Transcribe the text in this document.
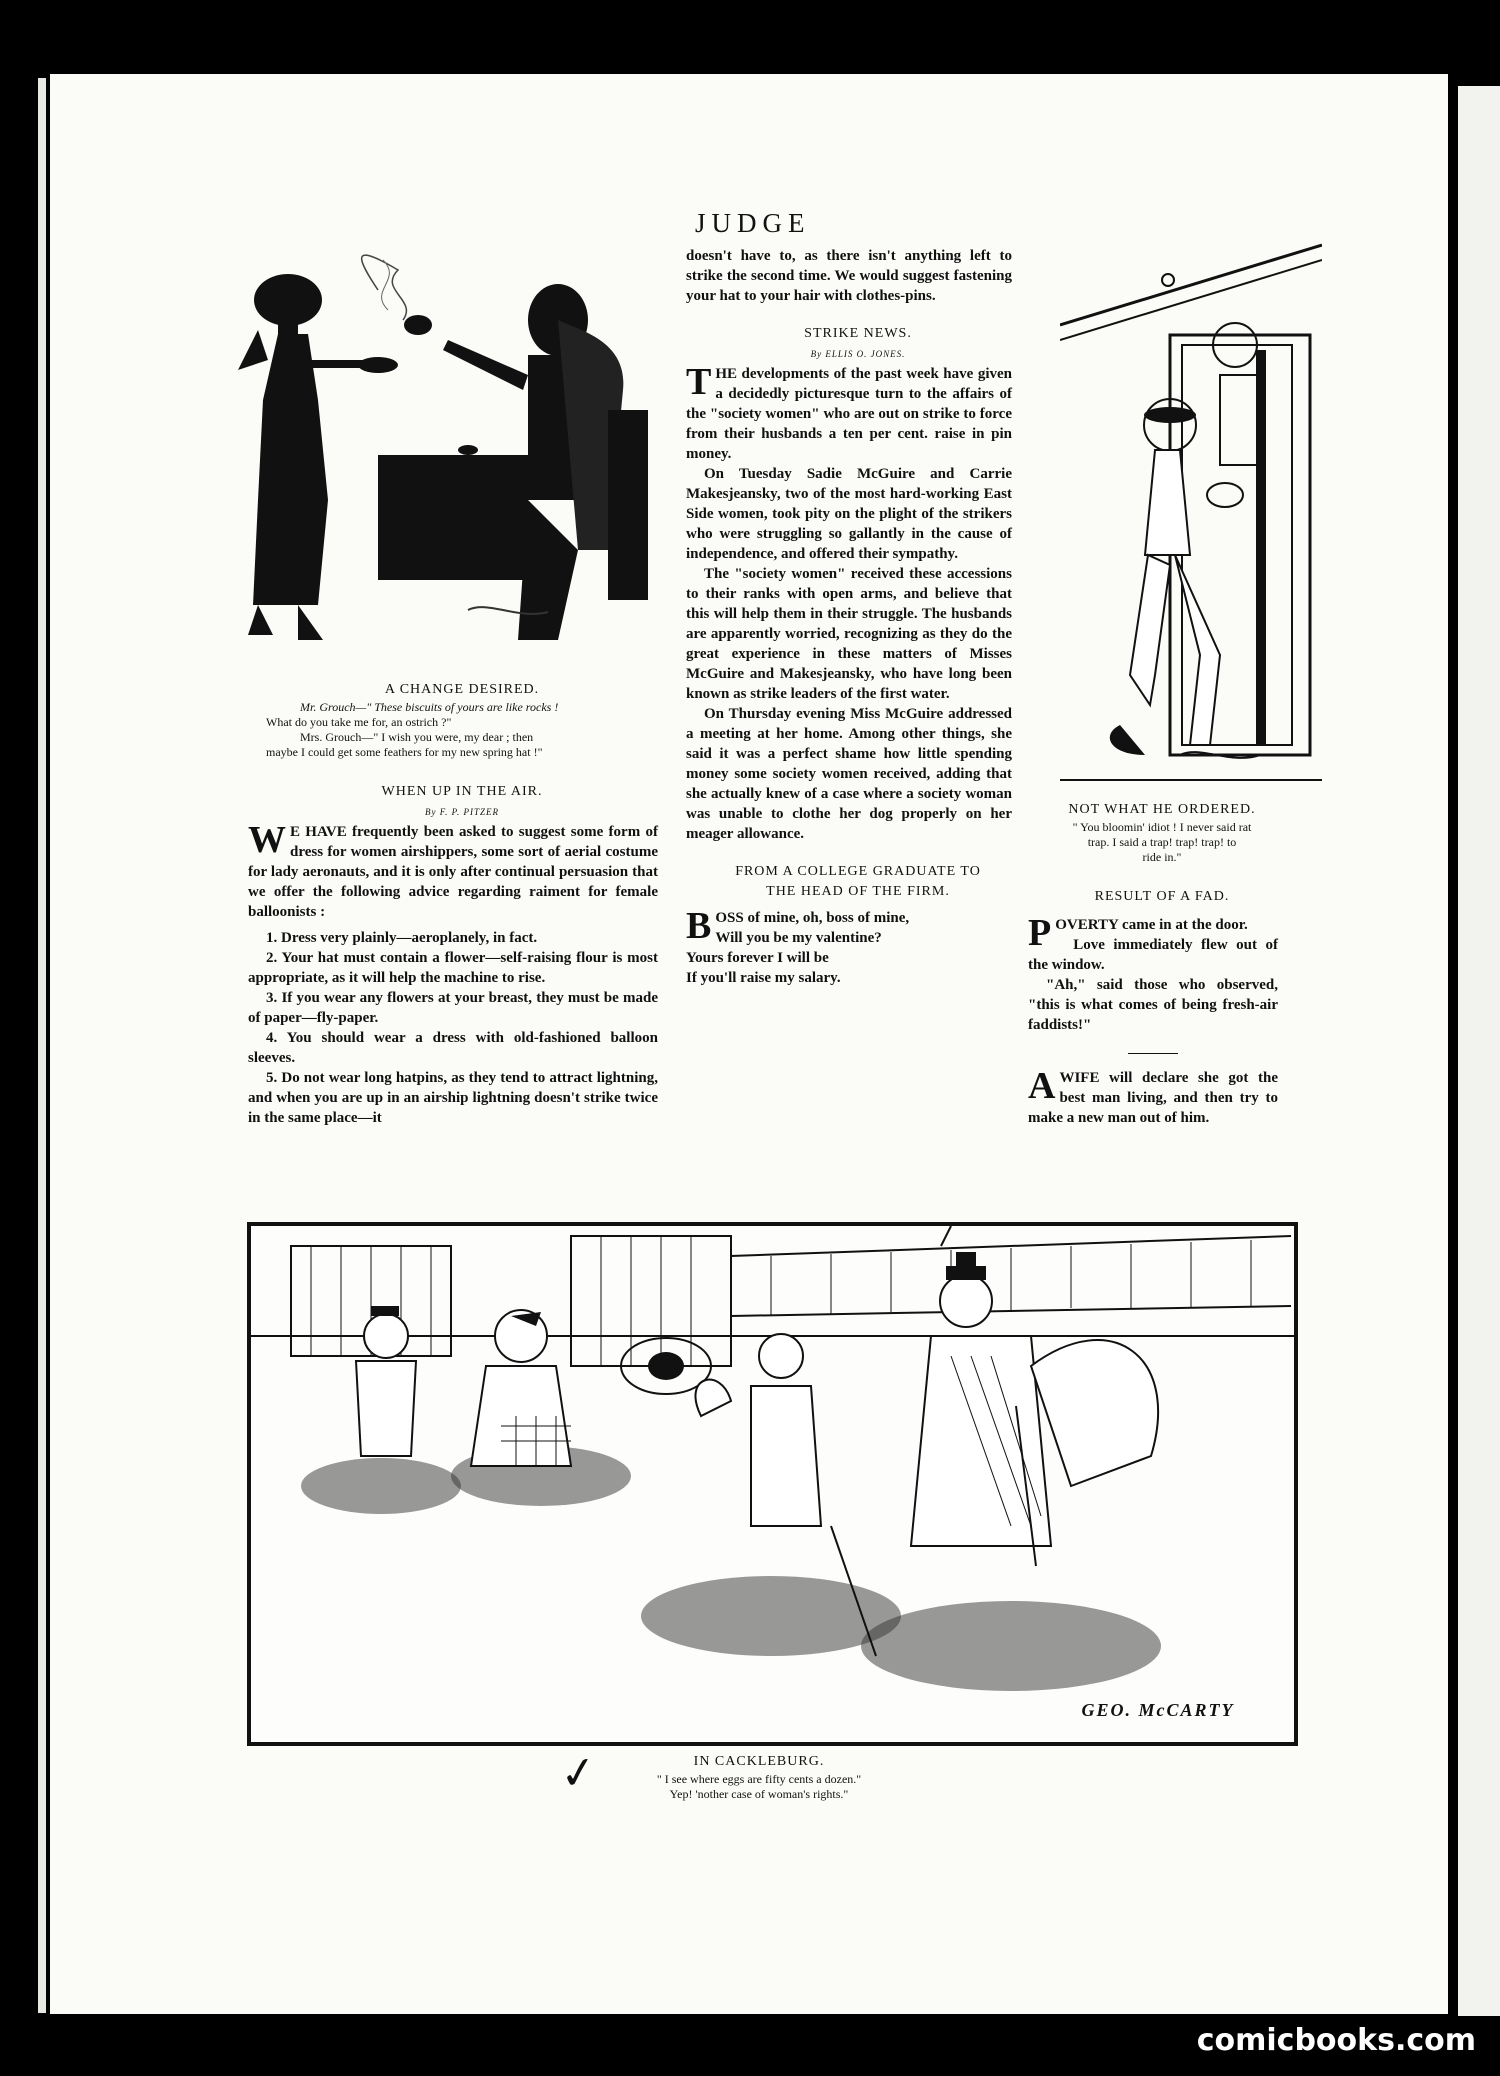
JUDGE

A CHANGE DESIRED.

Mr. Grouch—" These biscuits of yours are like rocks !

What do you take me for, an ostrich ?"

Mrs. Grouch—" I wish you were, my dear ; then

maybe I could get some feathers for my new spring hat !"

WHEN UP IN THE AIR.

By F. P. PITZER

W E HAVE frequently been asked to suggest some form of dress for women airshippers, some sort of aerial costume for lady aeronauts, and it is only after continual persuasion that we offer the following advice regarding raiment for female balloonists :

1. Dress very plainly—aeroplanely, in fact.

2. Your hat must contain a flower—self-raising flour is most appropriate, as it will help the machine to rise.

3. If you wear any flowers at your breast, they must be made of paper—fly-paper.

4. You should wear a dress with old-fashioned balloon sleeves.

5. Do not wear long hatpins, as they tend to attract lightning, and when you are up in an airship lightning doesn't strike twice in the same place—it

doesn't have to, as there isn't anything left to strike the second time. We would suggest fastening your hat to your hair with clothes-pins.

STRIKE NEWS.

By ELLIS O. JONES.

THE developments of the past week have given a decidedly picturesque turn to the affairs of the "society women" who are out on strike to force from their husbands a ten per cent. raise in pin money.

On Tuesday Sadie McGuire and Carrie Makesjeansky, two of the most hard-working East Side women, took pity on the plight of the strikers who were struggling so gallantly in the cause of independence, and offered their sympathy.

The "society women" received these accessions to their ranks with open arms, and believe that this will help them in their struggle. The husbands are apparently worried, recognizing as they do the great experience in these matters of Misses McGuire and Makesjeansky, who have long been known as strike leaders of the first water.

On Thursday evening Miss McGuire addressed a meeting at her home. Among other things, she said it was a perfect shame how little spending money some society women received, adding that she actually knew of a case where a society woman was unable to clothe her dog properly on her meager allowance.

FROM A COLLEGE GRADUATE TO

THE HEAD OF THE FIRM.

BOSS of mine, oh, boss of mine,
Will you be my valentine?

Yours forever I will be

If you'll raise my salary.

NOT WHAT HE ORDERED.

" You bloomin' idiot ! I never said rat

trap. I said a trap! trap! trap! to

ride in."

RESULT OF A FAD.

POVERTY came in at the door.

Love immediately flew out of the window.

"Ah," said those who observed, "this is what comes of being fresh-air faddists!"

AWIFE will declare she got the best man living, and then try to make a new man out of him.

GEO. McCARTY
✓	IN CACKLEBURG.

" I see where eggs are fifty cents a dozen."

Yep! 'nother case of woman's rights."

comicbooks.com
